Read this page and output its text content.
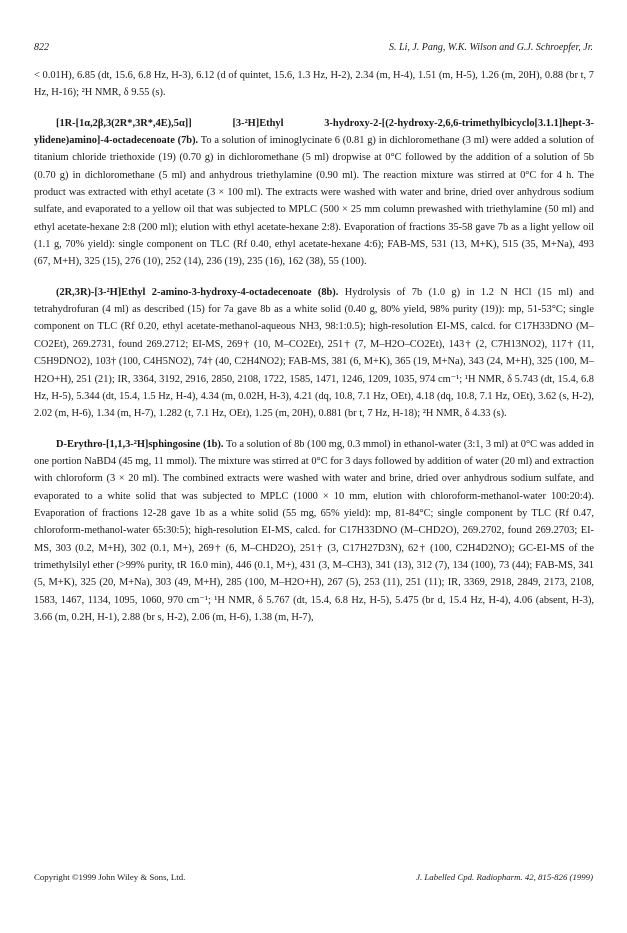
822	S. Li, J. Pang, W.K. Wilson and G.J. Schroepfer, Jr.

< 0.01H), 6.85 (dt, 15.6, 6.8 Hz, H-3), 6.12 (d of quintet, 15.6, 1.3 Hz, H-2), 2.34 (m, H-4), 1.51 (m, H-5), 1.26 (m, 20H), 0.88 (br t, 7 Hz, H-16); ²H NMR, δ 9.55 (s).

[1R-[1α,2β,3(2R*,3R*,4E),5α]] [3-²H]Ethyl 3-hydroxy-2-[(2-hydroxy-2,6,6-trimethylbicyclo[3.1.1]hept-3-ylidene)amino]-4-octadecenoate (7b). To a solution of iminoglycinate 6 (0.81 g) in dichloromethane (3 ml) were added a solution of titanium chloride triethoxide (19) (0.70 g) in dichloromethane (5 ml) dropwise at 0°C followed by the addition of a solution of 5b (0.70 g) in dichloromethane (5 ml) and anhydrous triethylamine (0.90 ml). The reaction mixture was stirred at 0°C for 4 h. The product was extracted with ethyl acetate (3 × 100 ml). The extracts were washed with water and brine, dried over anhydrous sodium sulfate, and evaporated to a yellow oil that was subjected to MPLC (500 × 25 mm column prewashed with triethylamine (50 ml) and ethyl acetate-hexane 2:8 (200 ml); elution with ethyl acetate-hexane 2:8). Evaporation of fractions 35-58 gave 7b as a light yellow oil (1.1 g, 70% yield): single component on TLC (Rf 0.40, ethyl acetate-hexane 4:6); FAB-MS, 531 (13, M+K), 515 (35, M+Na), 493 (67, M+H), 325 (15), 276 (10), 252 (14), 236 (19), 235 (16), 162 (38), 55 (100).

(2R,3R)-[3-²H]Ethyl 2-amino-3-hydroxy-4-octadecenoate (8b). Hydrolysis of 7b (1.0 g) in 1.2 N HCl (15 ml) and tetrahydrofuran (4 ml) as described (15) for 7a gave 8b as a white solid (0.40 g, 80% yield, 98% purity (19)): mp, 51-53°C; single component on TLC (Rf 0.20, ethyl acetate-methanol-aqueous NH3, 98:1:0.5); high-resolution EI-MS, calcd. for C17H33DNO (M–CO2Et), 269.2731, found 269.2712; EI-MS, 269† (10, M–CO2Et), 251† (7, M–H2O–CO2Et), 143† (2, C7H13NO2), 117† (11, C5H9DNO2), 103† (100, C4H5NO2), 74† (40, C2H4NO2); FAB-MS, 381 (6, M+K), 365 (19, M+Na), 343 (24, M+H), 325 (100, M–H2O+H), 251 (21); IR, 3364, 3192, 2916, 2850, 2108, 1722, 1585, 1471, 1246, 1209, 1035, 974 cm⁻¹; ¹H NMR, δ 5.743 (dt, 15.4, 6.8 Hz, H-5), 5.344 (dt, 15.4, 1.5 Hz, H-4), 4.34 (m, 0.02H, H-3), 4.21 (dq, 10.8, 7.1 Hz, OEt), 4.18 (dq, 10.8, 7.1 Hz, OEt), 3.62 (s, H-2), 2.02 (m, H-6), 1.34 (m, H-7), 1.282 (t, 7.1 Hz, OEt), 1.25 (m, 20H), 0.881 (br t, 7 Hz, H-18); ²H NMR, δ 4.33 (s).

D-Erythro-[1,1,3-²H]sphingosine (1b). To a solution of 8b (100 mg, 0.3 mmol) in ethanol-water (3:1, 3 ml) at 0°C was added in one portion NaBD4 (45 mg, 11 mmol). The mixture was stirred at 0°C for 3 days followed by addition of water (20 ml) and extraction with chloroform (3 × 20 ml). The combined extracts were washed with water and brine, dried over anhydrous sodium sulfate, and evaporated to a white solid that was subjected to MPLC (1000 × 10 mm, elution with chloroform-methanol-water 100:20:4). Evaporation of fractions 12-28 gave 1b as a white solid (55 mg, 65% yield): mp, 81-84°C; single component by TLC (Rf 0.47, chloroform-methanol-water 65:30:5); high-resolution EI-MS, calcd. for C17H33DNO (M–CHD2O), 269.2702, found 269.2703; EI-MS, 303 (0.2, M+H), 302 (0.1, M+), 269† (6, M–CHD2O), 251† (3, C17H27D3N), 62† (100, C2H4D2NO); GC-EI-MS of the trimethylsilyl ether (>99% purity, tR 16.0 min), 446 (0.1, M+), 431 (3, M–CH3), 341 (13), 312 (7), 134 (100), 73 (44); FAB-MS, 341 (5, M+K), 325 (20, M+Na), 303 (49, M+H), 285 (100, M–H2O+H), 267 (5), 253 (11), 251 (11); IR, 3369, 2918, 2849, 2173, 2108, 1583, 1467, 1134, 1095, 1060, 970 cm⁻¹; ¹H NMR, δ 5.767 (dt, 15.4, 6.8 Hz, H-5), 5.475 (br d, 15.4 Hz, H-4), 4.06 (absent, H-3), 3.66 (m, 0.2H, H-1), 2.88 (br s, H-2), 2.06 (m, H-6), 1.38 (m, H-7),

Copyright ©1999 John Wiley & Sons, Ltd.	J. Labelled Cpd. Radiopharm. 42, 815-826 (1999)
